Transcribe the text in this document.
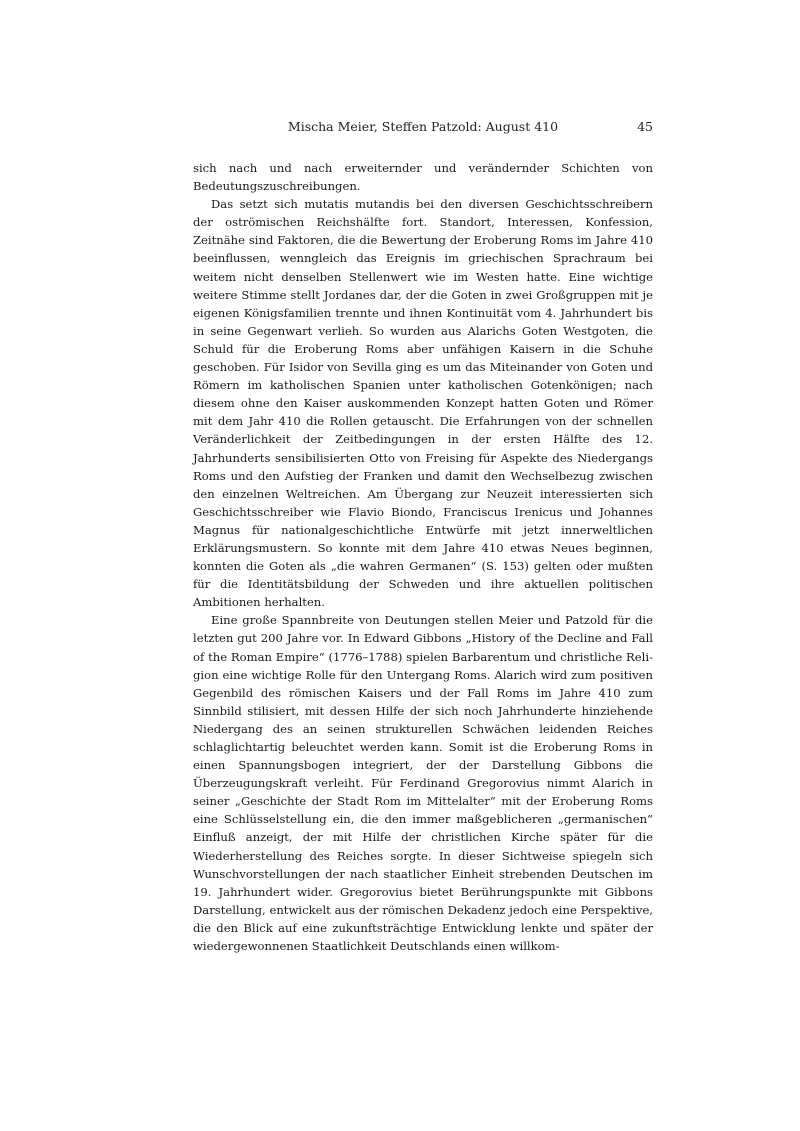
Mischa Meier, Steffen Patzold: August 410	45

sich nach und nach erweiternder und verändernder Schichten von Bedeutungszuschreibungen.

Das setzt sich mutatis mutandis bei den diversen Geschichtsschreibern der oströmischen Reichshälfte fort. Standort, Interessen, Konfession, Zeitnähe sind Faktoren, die die Bewertung der Eroberung Roms im Jahre 410 beeinflussen, wenngleich das Ereignis im griechischen Sprachraum bei weitem nicht denselben Stellenwert wie im Westen hatte. Eine wichtige weitere Stimme stellt Jordanes dar, der die Goten in zwei Großgruppen mit je eigenen Königsfamilien trennte und ihnen Kontinuität vom 4. Jahrhundert bis in seine Gegenwart verlieh. So wurden aus Alarichs Goten Westgoten, die Schuld für die Eroberung Roms aber unfähigen Kaisern in die Schuhe geschoben. Für Isidor von Sevilla ging es um das Miteinander von Goten und Römern im katholischen Spanien unter katholischen Gotenkönigen; nach diesem ohne den Kaiser auskommenden Konzept hatten Goten und Römer mit dem Jahr 410 die Rollen getauscht. Die Erfahrungen von der schnellen Veränderlichkeit der Zeitbedingungen in der ersten Hälfte des 12. Jahrhunderts sensibilisierten Otto von Freising für Aspekte des Niedergangs Roms und den Aufstieg der Franken und damit den Wechselbezug zwischen den einzelnen Weltreichen. Am Übergang zur Neuzeit interessierten sich Geschichtsschreiber wie Flavio Biondo, Franciscus Irenicus und Johannes Magnus für nationalgeschichtliche Entwürfe mit jetzt innerweltlichen Erklärungsmustern. So konnte mit dem Jahre 410 etwas Neues beginnen, konnten die Goten als „die wahren Germanen“ (S. 153) gelten oder mußten für die Identitätsbildung der Schweden und ihre aktuellen politischen Ambitionen herhalten.

Eine große Spannbreite von Deutungen stellen Meier und Patzold für die letzten gut 200 Jahre vor. In Edward Gibbons „History of the Decline and Fall of the Roman Empire“ (1776–1788) spielen Barbarentum und christliche Religion eine wichtige Rolle für den Untergang Roms. Alarich wird zum positiven Gegenbild des römischen Kaisers und der Fall Roms im Jahre 410 zum Sinnbild stilisiert, mit dessen Hilfe der sich noch Jahrhunderte hinziehende Niedergang des an seinen strukturellen Schwächen leidenden Reiches schlaglichtartig beleuchtet werden kann. Somit ist die Eroberung Roms in einen Spannungsbogen integriert, der der Darstellung Gibbons die Überzeugungskraft verleiht. Für Ferdinand Gregorovius nimmt Alarich in seiner „Geschichte der Stadt Rom im Mittelalter“ mit der Eroberung Roms eine Schlüsselstellung ein, die den immer maßgeblicheren „germanischen“ Einfluß anzeigt, der mit Hilfe der christlichen Kirche später für die Wiederherstellung des Reiches sorgte. In dieser Sichtweise spiegeln sich Wunschvorstellungen der nach staatlicher Einheit strebenden Deutschen im 19. Jahrhundert wider. Gregorovius bietet Berührungspunkte mit Gibbons Darstellung, entwickelt aus der römischen Dekadenz jedoch eine Perspektive, die den Blick auf eine zukunftsträchtige Entwicklung lenkte und später der wiedergewonnenen Staatlichkeit Deutschlands einen willkom-
